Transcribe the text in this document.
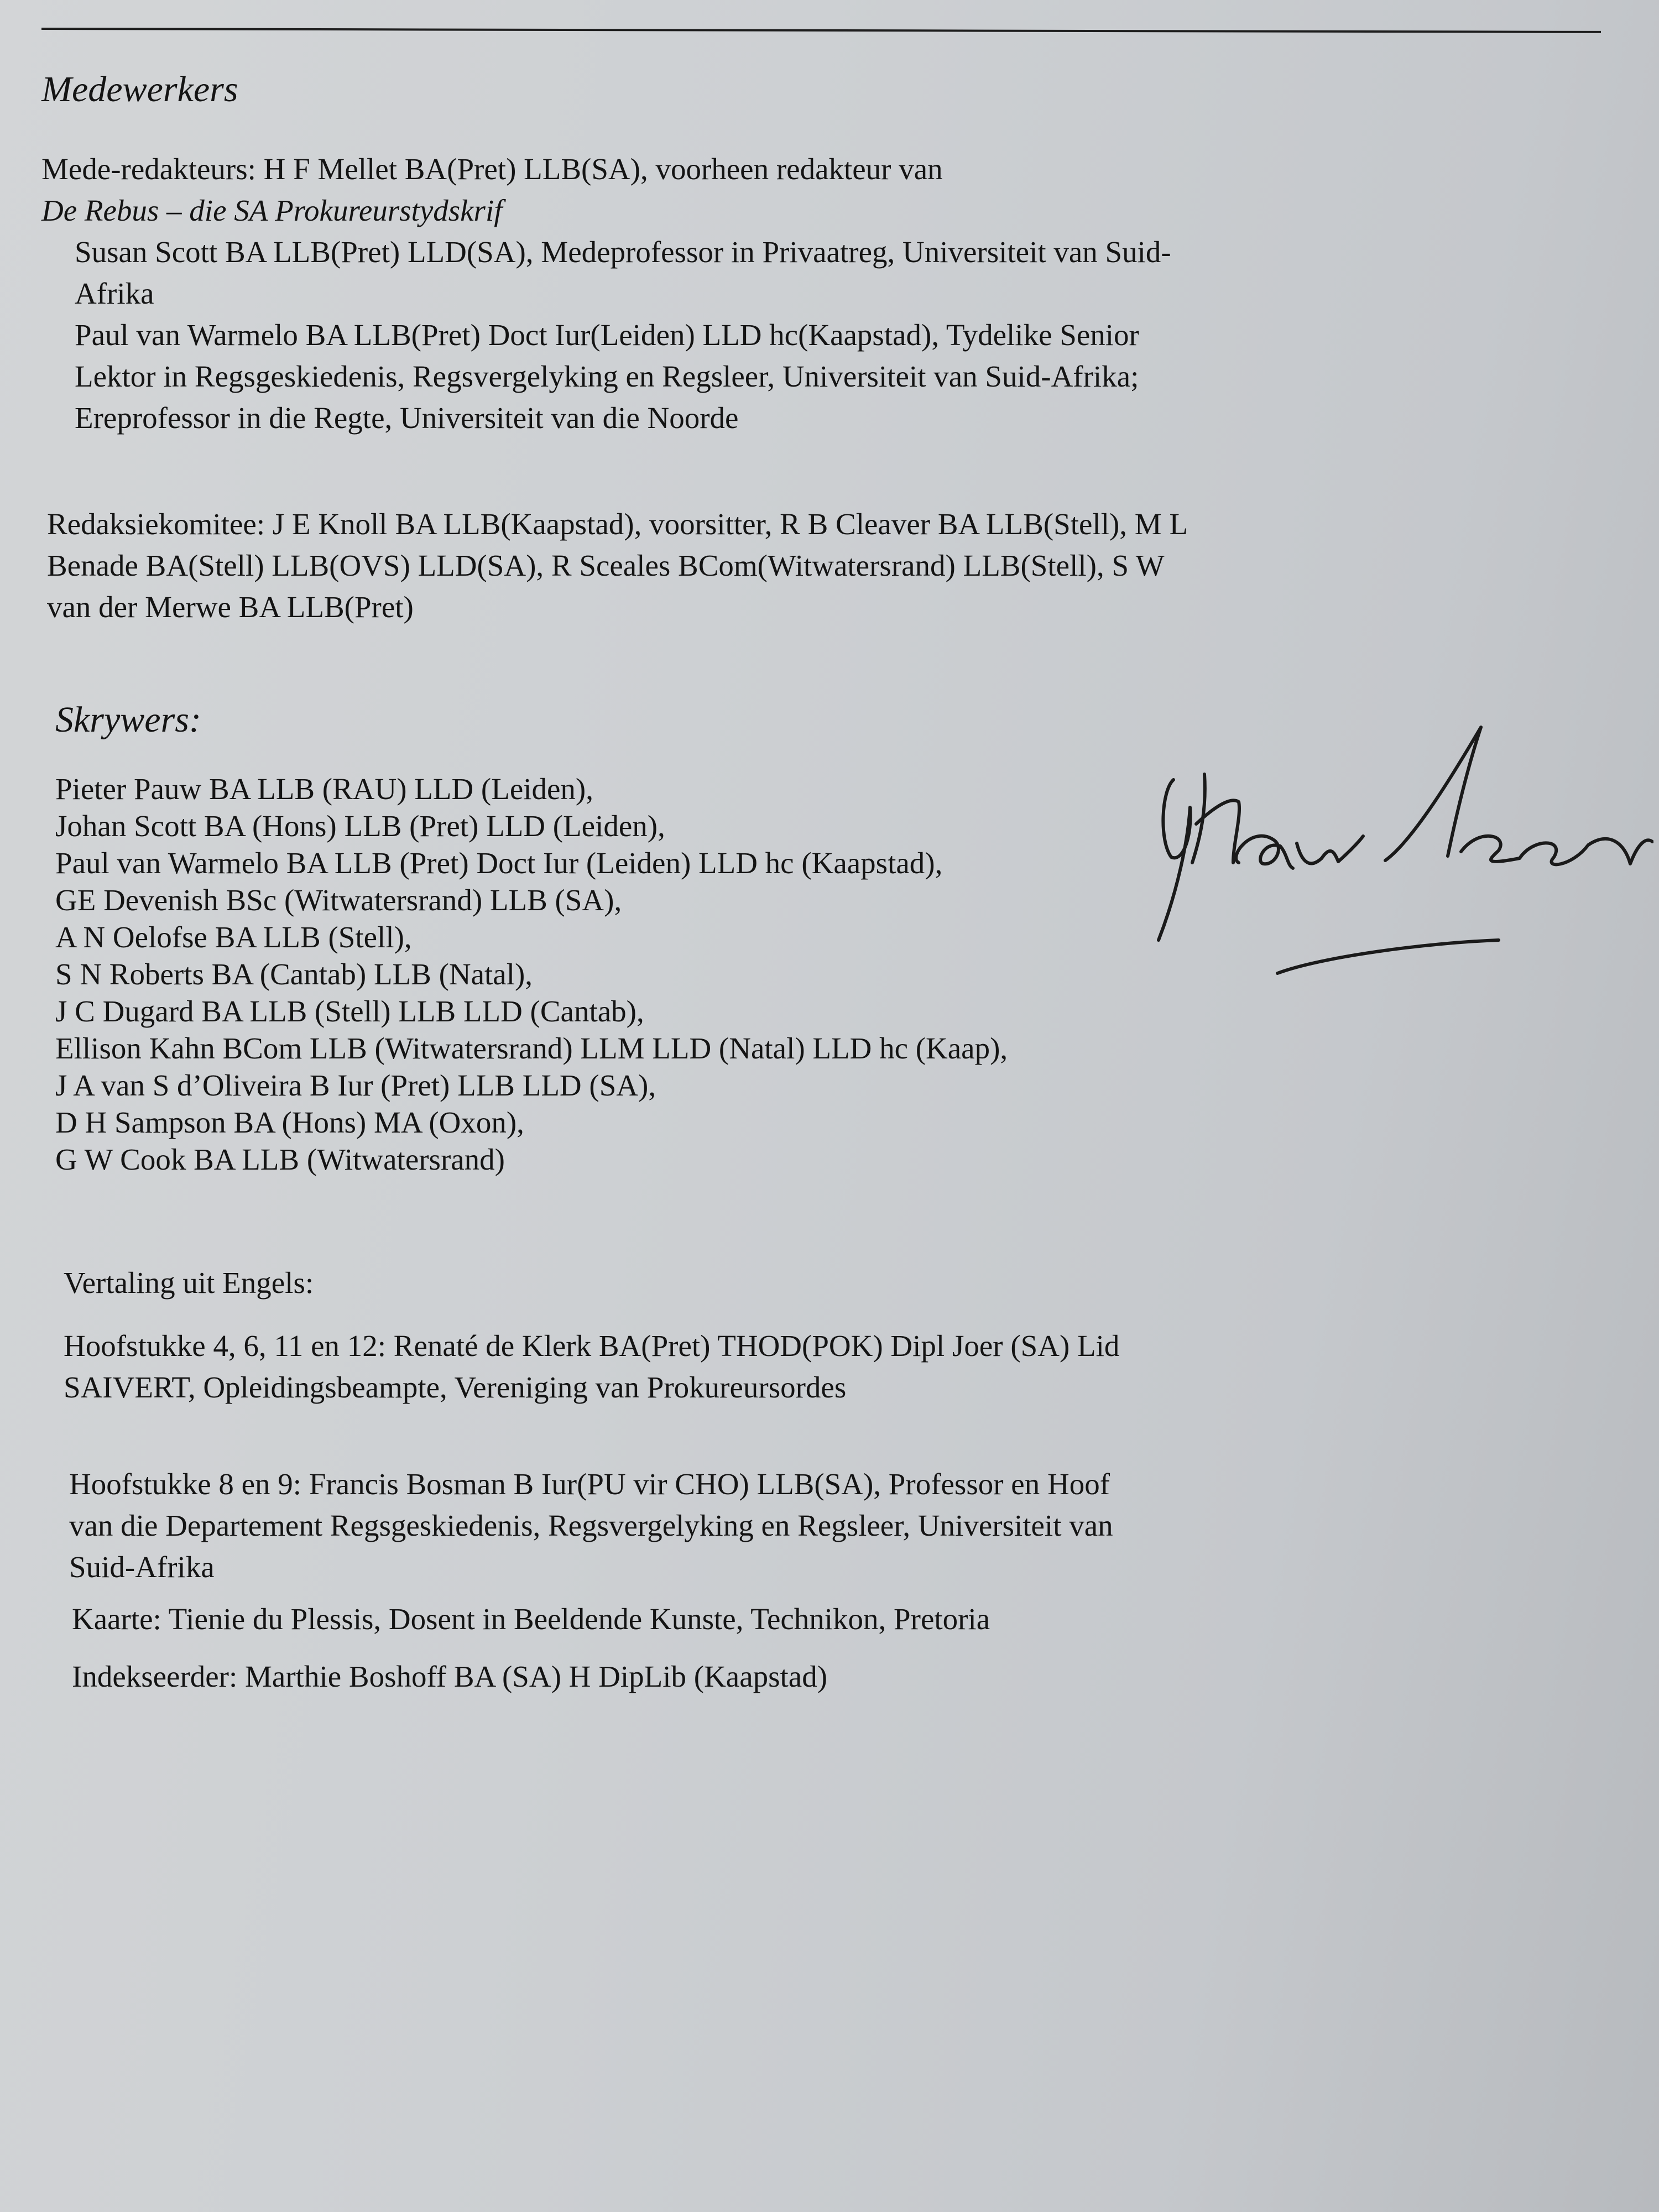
Medewerkers

Mede-redakteurs: H F Mellet BA(Pret) LLB(SA), voorheen redakteur van
De Rebus – die SA Prokureurstydskrif
Susan Scott BA LLB(Pret) LLD(SA), Medeprofessor in Privaatreg, Universiteit van Suid-Afrika
Paul van Warmelo BA LLB(Pret) Doct Iur(Leiden) LLD hc(Kaapstad), Tydelike Senior Lektor in Regsgeskiedenis, Regsvergelyking en Regsleer, Universiteit van Suid-Afrika; Ereprofessor in die Regte, Universiteit van die Noorde

Redaksiekomitee: J E Knoll BA LLB(Kaapstad), voorsitter, R B Cleaver BA LLB(Stell), M L Benade BA(Stell) LLB(OVS) LLD(SA), R Sceales BCom(Witwatersrand) LLB(Stell), S W van der Merwe BA LLB(Pret)

Skrywers:
Pieter Pauw BA LLB (RAU) LLD (Leiden),
Johan Scott BA (Hons) LLB (Pret) LLD (Leiden),
Paul van Warmelo BA LLB (Pret) Doct Iur (Leiden) LLD hc (Kaapstad),
GE Devenish BSc (Witwatersrand) LLB (SA),
A N Oelofse BA LLB (Stell),
S N Roberts BA (Cantab) LLB (Natal),
J C Dugard BA LLB (Stell) LLB LLD (Cantab),
Ellison Kahn BCom LLB (Witwatersrand) LLM LLD (Natal) LLD hc (Kaap),
J A van S d’Oliveira B Iur (Pret) LLB LLD (SA),
D H Sampson BA (Hons) MA (Oxon),
G W Cook BA LLB (Witwatersrand)

Vertaling uit Engels:

Hoofstukke 4, 6, 11 en 12: Renaté de Klerk BA(Pret) THOD(POK) Dipl Joer (SA) Lid SAIVERT, Opleidingsbeampte, Vereniging van Prokureursordes

Hoofstukke 8 en 9: Francis Bosman B Iur(PU vir CHO) LLB(SA), Professor en Hoof van die Departement Regsgeskiedenis, Regsvergelyking en Regsleer, Universiteit van Suid-Afrika

Kaarte: Tienie du Plessis, Dosent in Beeldende Kunste, Technikon, Pretoria

Indekseerder: Marthie Boshoff BA (SA) H DipLib (Kaapstad)
